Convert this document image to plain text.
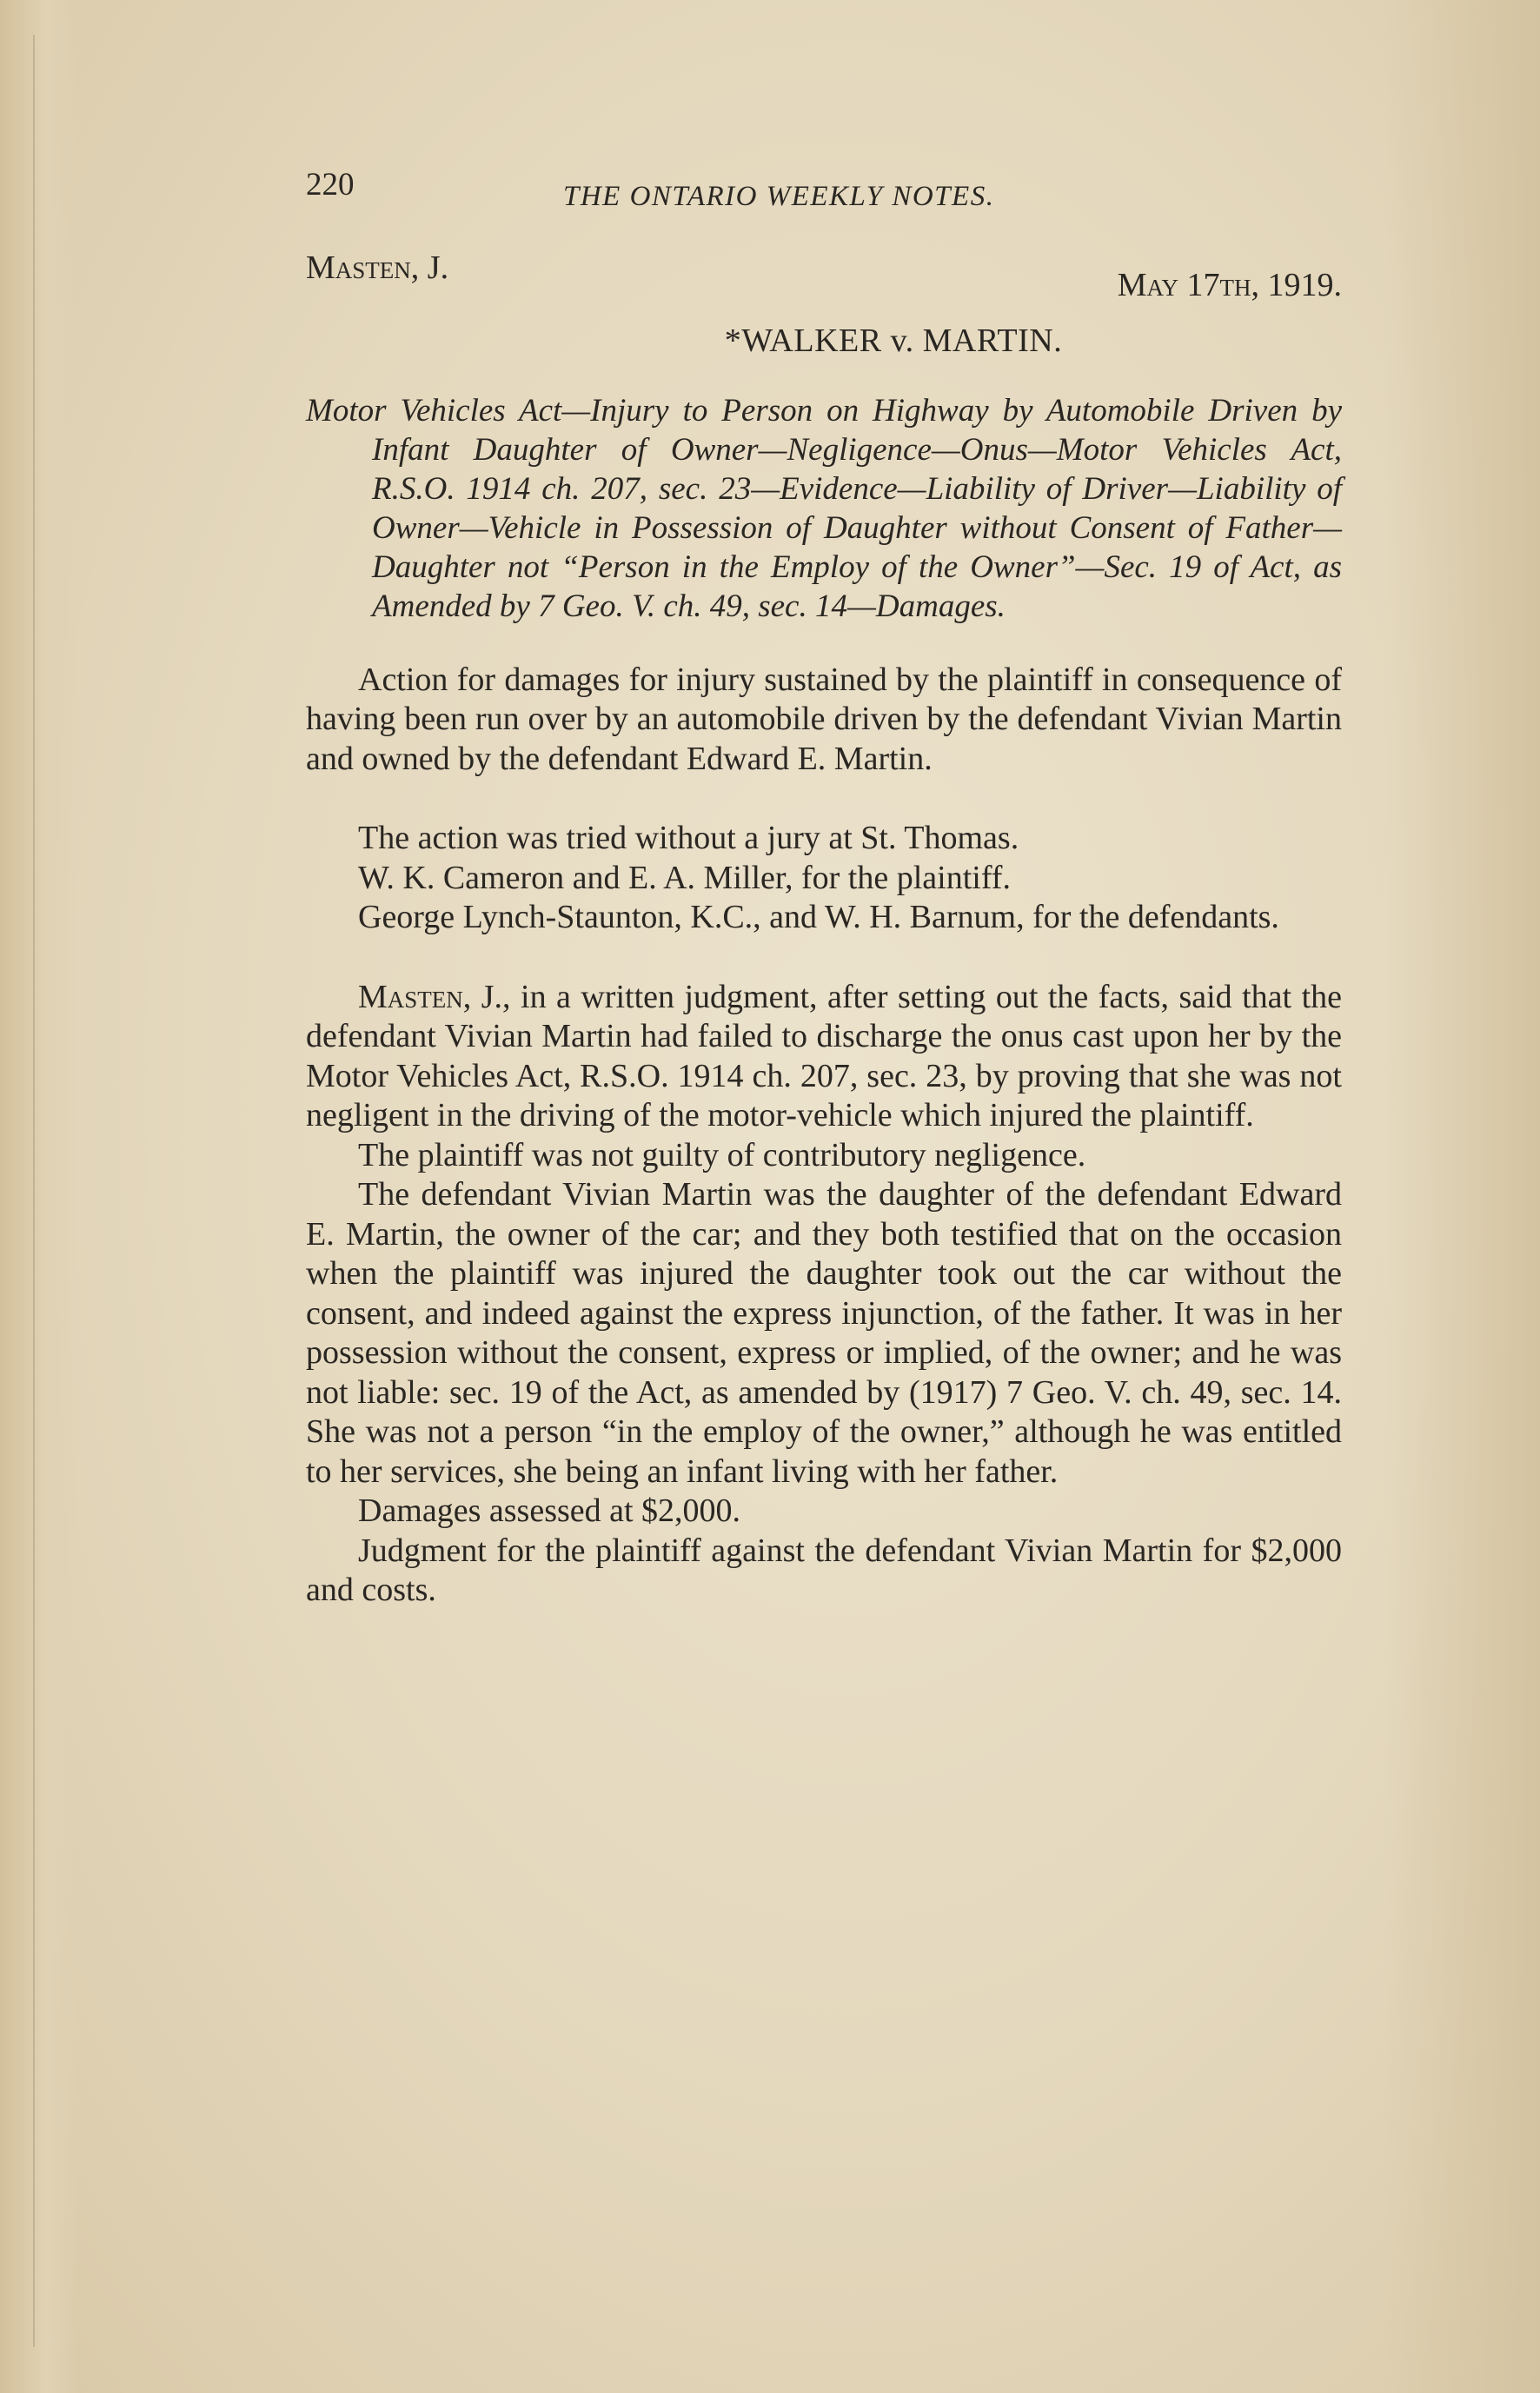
220	THE ONTARIO WEEKLY NOTES.
Masten, J.	May 17th, 1919.
*WALKER v. MARTIN.

Motor Vehicles Act—Injury to Person on Highway by Automobile Driven by Infant Daughter of Owner—Negligence—Onus—Motor Vehicles Act, R.S.O. 1914 ch. 207, sec. 23—Evidence—Liability of Driver—Liability of Owner—Vehicle in Possession of Daughter without Consent of Father—Daughter not “Person in the Employ of the Owner”—Sec. 19 of Act, as Amended by 7 Geo. V. ch. 49, sec. 14—Damages.

Action for damages for injury sustained by the plaintiff in consequence of having been run over by an automobile driven by the defendant Vivian Martin and owned by the defendant Edward E. Martin.

The action was tried without a jury at St. Thomas.

W. K. Cameron and E. A. Miller, for the plaintiff.

George Lynch-Staunton, K.C., and W. H. Barnum, for the defendants.

Masten, J., in a written judgment, after setting out the facts, said that the defendant Vivian Martin had failed to discharge the onus cast upon her by the Motor Vehicles Act, R.S.O. 1914 ch. 207, sec. 23, by proving that she was not negligent in the driving of the motor-vehicle which injured the plaintiff.

The plaintiff was not guilty of contributory negligence.

The defendant Vivian Martin was the daughter of the defendant Edward E. Martin, the owner of the car; and they both testified that on the occasion when the plaintiff was injured the daughter took out the car without the consent, and indeed against the express injunction, of the father. It was in her possession without the consent, express or implied, of the owner; and he was not liable: sec. 19 of the Act, as amended by (1917) 7 Geo. V. ch. 49, sec. 14. She was not a person “in the employ of the owner,” although he was entitled to her services, she being an infant living with her father.

Damages assessed at $2,000.

Judgment for the plaintiff against the defendant Vivian Martin for $2,000 and costs.
